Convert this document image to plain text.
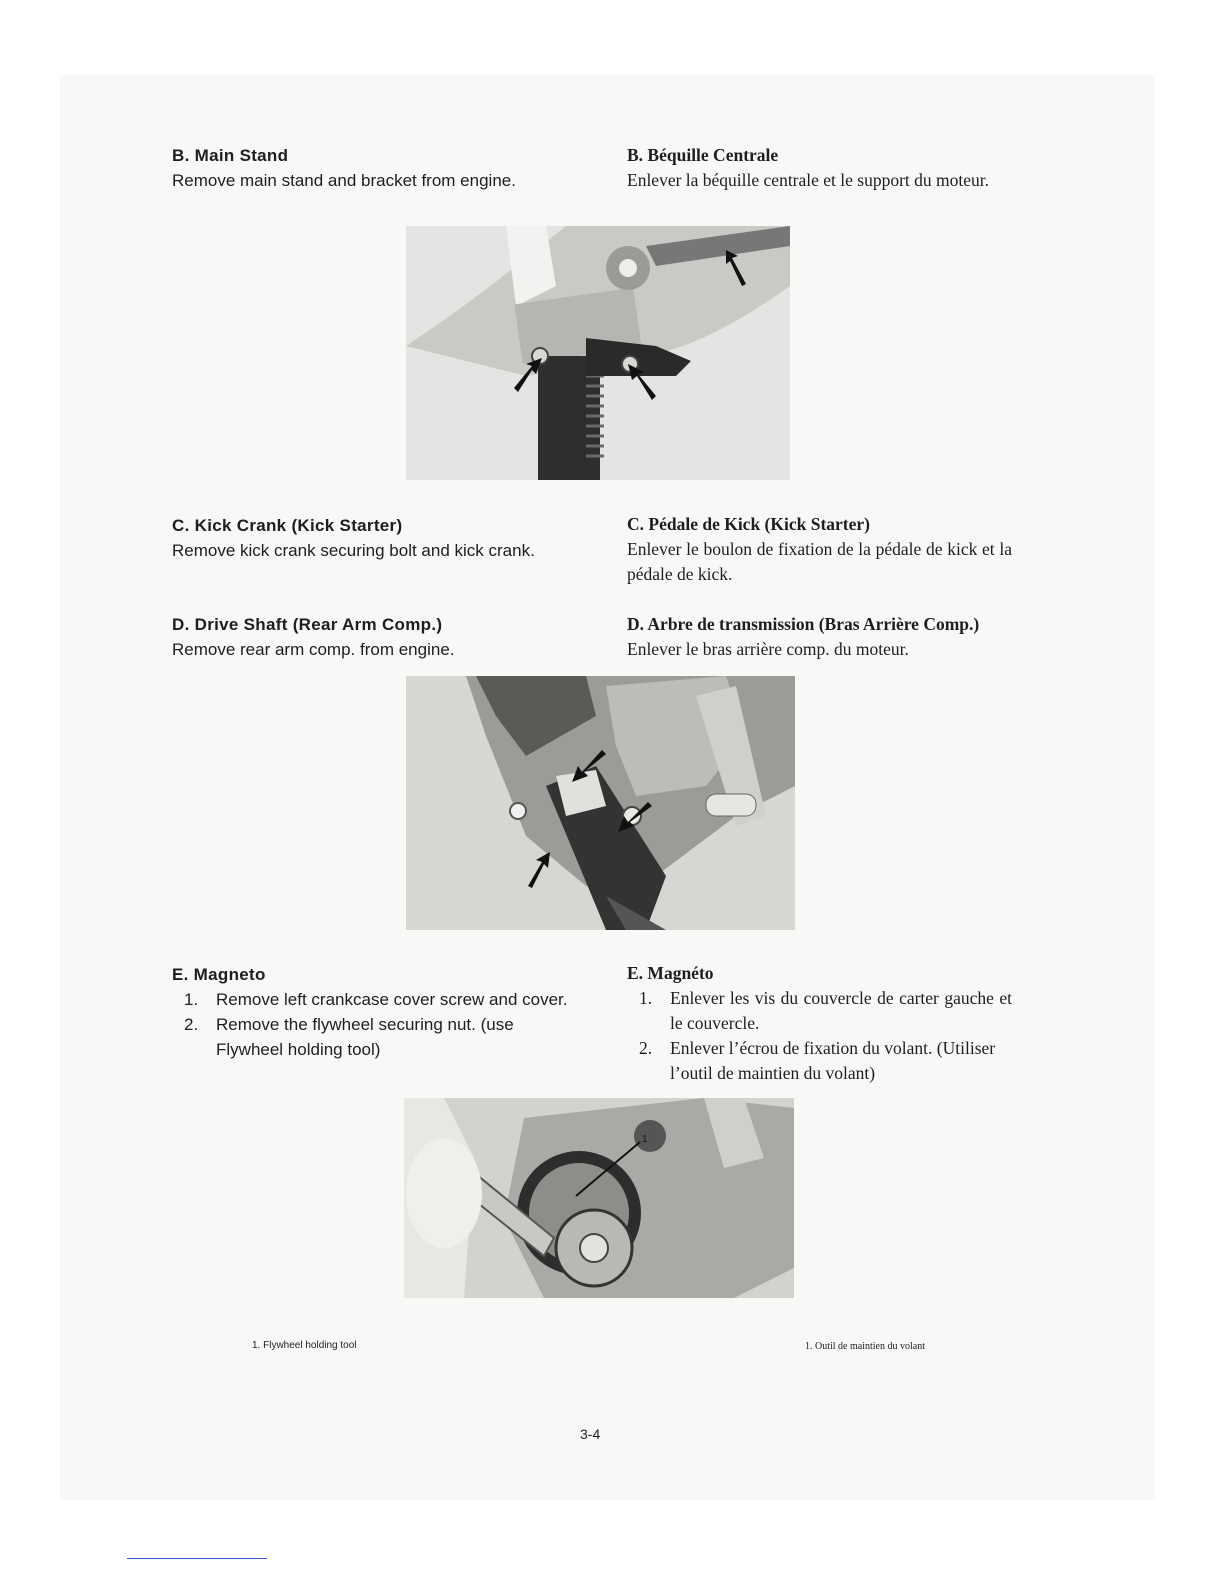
B. Main Stand
Remove main stand and bracket from engine.
B. Béquille Centrale
Enlever la béquille centrale et le support du moteur.
C. Kick Crank (Kick Starter)
Remove kick crank securing bolt and kick crank.
C. Pédale de Kick (Kick Starter)
Enlever le boulon de fixation de la pédale de kick et la pédale de kick.
D. Drive Shaft (Rear Arm Comp.)
Remove rear arm comp. from engine.
D. Arbre de transmission (Bras Arrière Comp.)
Enlever le bras arrière comp. du moteur.
E. Magneto
1. Remove left crankcase cover screw and cover.
2. Remove the flywheel securing nut. (use Flywheel holding tool)
E. Magnéto
1. Enlever les vis du couvercle de carter gauche et le couvercle.
2. Enlever l’écrou de fixation du volant. (Utiliser l’outil de maintien du volant)
1
1. Flywheel holding tool	1. Outil de maintien du volant
3-4
